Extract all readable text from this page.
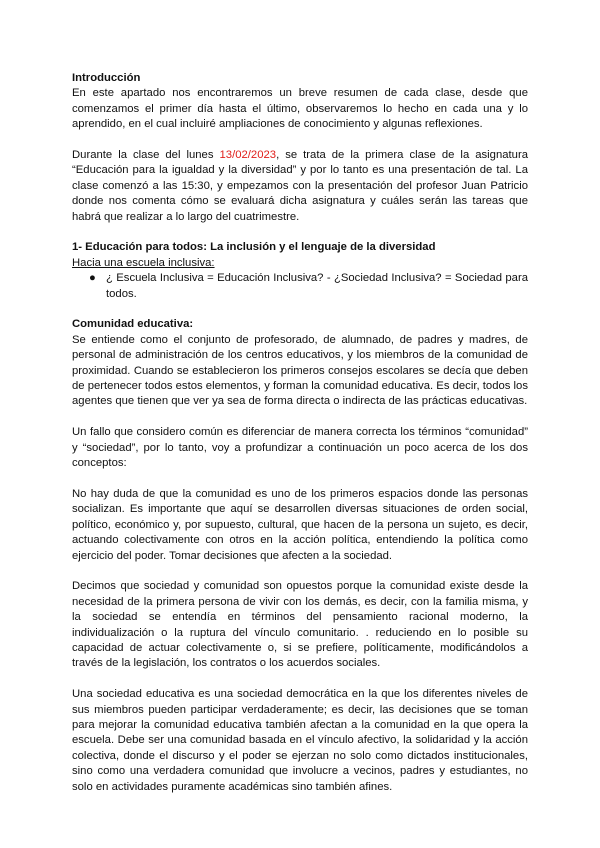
Introducción

En este apartado nos encontraremos un breve resumen de cada clase, desde que comenzamos el primer día hasta el último, observaremos lo hecho en cada una y lo aprendido, en el cual incluiré ampliaciones de conocimiento y algunas reflexiones.

Durante la clase del lunes 13/02/2023, se trata de la primera clase de la asignatura “Educación para la igualdad y la diversidad” y por lo tanto es una presentación de tal. La clase comenzó a las 15:30, y empezamos con la presentación del profesor Juan Patricio donde nos comenta cómo se evaluará dicha asignatura y cuáles serán las tareas que habrá que realizar a lo largo del cuatrimestre.

1- Educación para todos: La inclusión y el lenguaje de la diversidad

Hacia una escuela inclusiva:

● ¿ Escuela Inclusiva = Educación Inclusiva? - ¿Sociedad Inclusiva? = Sociedad para todos.

Comunidad educativa:

Se entiende como el conjunto de profesorado, de alumnado, de padres y madres, de personal de administración de los centros educativos, y los miembros de la comunidad de proximidad. Cuando se establecieron los primeros consejos escolares se decía que deben de pertenecer todos estos elementos, y forman la comunidad educativa. Es decir, todos los agentes que tienen que ver ya sea de forma directa o indirecta de las prácticas educativas.

Un fallo que considero común es diferenciar de manera correcta los términos “comunidad” y “sociedad”, por lo tanto, voy a profundizar a continuación un poco acerca de los dos conceptos:

No hay duda de que la comunidad es uno de los primeros espacios donde las personas socializan. Es importante que aquí se desarrollen diversas situaciones de orden social, político, económico y, por supuesto, cultural, que hacen de la persona un sujeto, es decir, actuando colectivamente con otros en la acción política, entendiendo la política como ejercicio del poder. Tomar decisiones que afecten a la sociedad.

Decimos que sociedad y comunidad son opuestos porque la comunidad existe desde la necesidad de la primera persona de vivir con los demás, es decir, con la familia misma, y la sociedad se entendía en términos del pensamiento racional moderno, la individualización o la ruptura del vínculo comunitario. . reduciendo en lo posible su capacidad de actuar colectivamente o, si se prefiere, políticamente, modificándolos a través de la legislación, los contratos o los acuerdos sociales.

Una sociedad educativa es una sociedad democrática en la que los diferentes niveles de sus miembros pueden participar verdaderamente; es decir, las decisiones que se toman para mejorar la comunidad educativa también afectan a la comunidad en la que opera la escuela. Debe ser una comunidad basada en el vínculo afectivo, la solidaridad y la acción colectiva, donde el discurso y el poder se ejerzan no solo como dictados institucionales, sino como una verdadera comunidad que involucre a vecinos, padres y estudiantes, no solo en actividades puramente académicas sino también afines.
